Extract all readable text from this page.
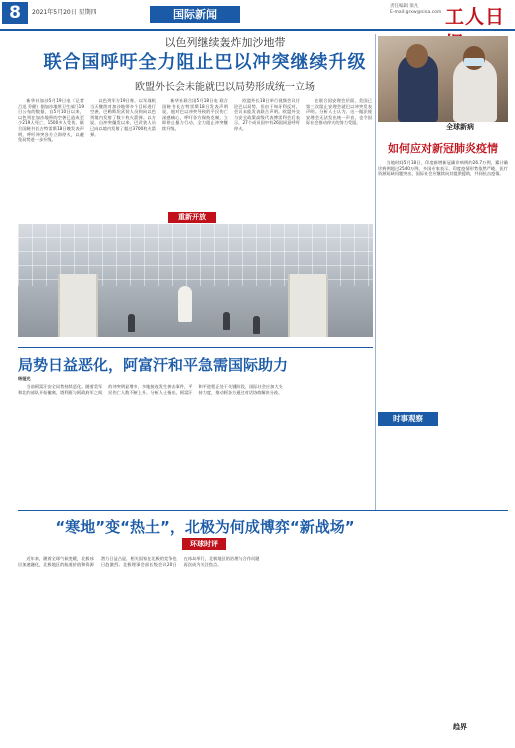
8	2021年5月20日 星期四	国际新闻
责任编辑 梁凡
E-mail:grxw@sina.com 工人日
以色列继续轰炸加沙地带
联合国呼吁全力阻止巴以冲突继续升级
欧盟外长会未能就巴以局势形成统一立场

新华社加沙5月19日电（记者吕迅 乔健）据加沙地带卫生部门19日公布的数据，自5月10日以来，以色列在加沙地带的空袭已造成至少219人死亡、1500多人受伤。联合国秘书长古特雷斯18日晚发表声明，呼吁冲突各方立即停火，以避免局势进一步升级。

以色列军方19日称，以军战机当天继续对加沙地带多个目标进行空袭，巴勒斯坦武装人员则向以色列境内发射了数十枚火箭弹。以方说，自冲突爆发以来，巴武装人员已向以境内发射了超过3700枚火箭弹。

新华社联合国5月18日电 联合国秘书长古特雷斯18日发表声明说，他对巴以冲突导致的平民伤亡深感痛心，呼吁各方保持克制，立即停止暴力行动，全力阻止冲突继续升级。

欧盟外长18日举行视频会议讨论巴以局势，但由于匈牙利反对，会议未能发表联合声明。欧盟外交与安全政策高级代表博雷利会后表示，27个成员国中有26国同意呼吁停火。

在联合国安理会层面，美国已第三次阻止安理会就巴以冲突发表声明。分析人士认为，这一做法使安理会无法发出统一声音，也令国际社会推动停火的努力受阻。

重新开放
全球新病
如何应对新冠肺炎疫情

当地时间5月18日，印度新增新冠确诊病例约26.7万例，累计确诊病例超过2540万例。多国专家表示，印度疫情形势依然严峻，医疗资源短缺问题突出，国际社会应继续向其提供援助，共同抗击疫情。

局势日益恶化，阿富汗和平急需国际助力
杨娅光

当前阿富汗安全局势持续恶化。随着美军和北约部队开始撤离，塔利班与阿政府军之间的冲突明显增多，多地接连发生袭击事件，平民伤亡人数不断上升。分析人士指出，阿富汗和平进程正处于关键阶段，国际社会应加大支持力度，推动阿各方通过对话协商解决分歧。

时事观察
“寒地”变“热土”，北极为何成博弈“新战场”
环球时评

近年来，随着全球气候变暖，北极冰层加速融化，北极地区的航道价值和资源潜力日益凸显，相关国家在北极的竞争也日趋激烈。北极理事会部长级会议20日在冰岛举行，北极地区的治理与合作问题再次成为关注焦点。

趋界
